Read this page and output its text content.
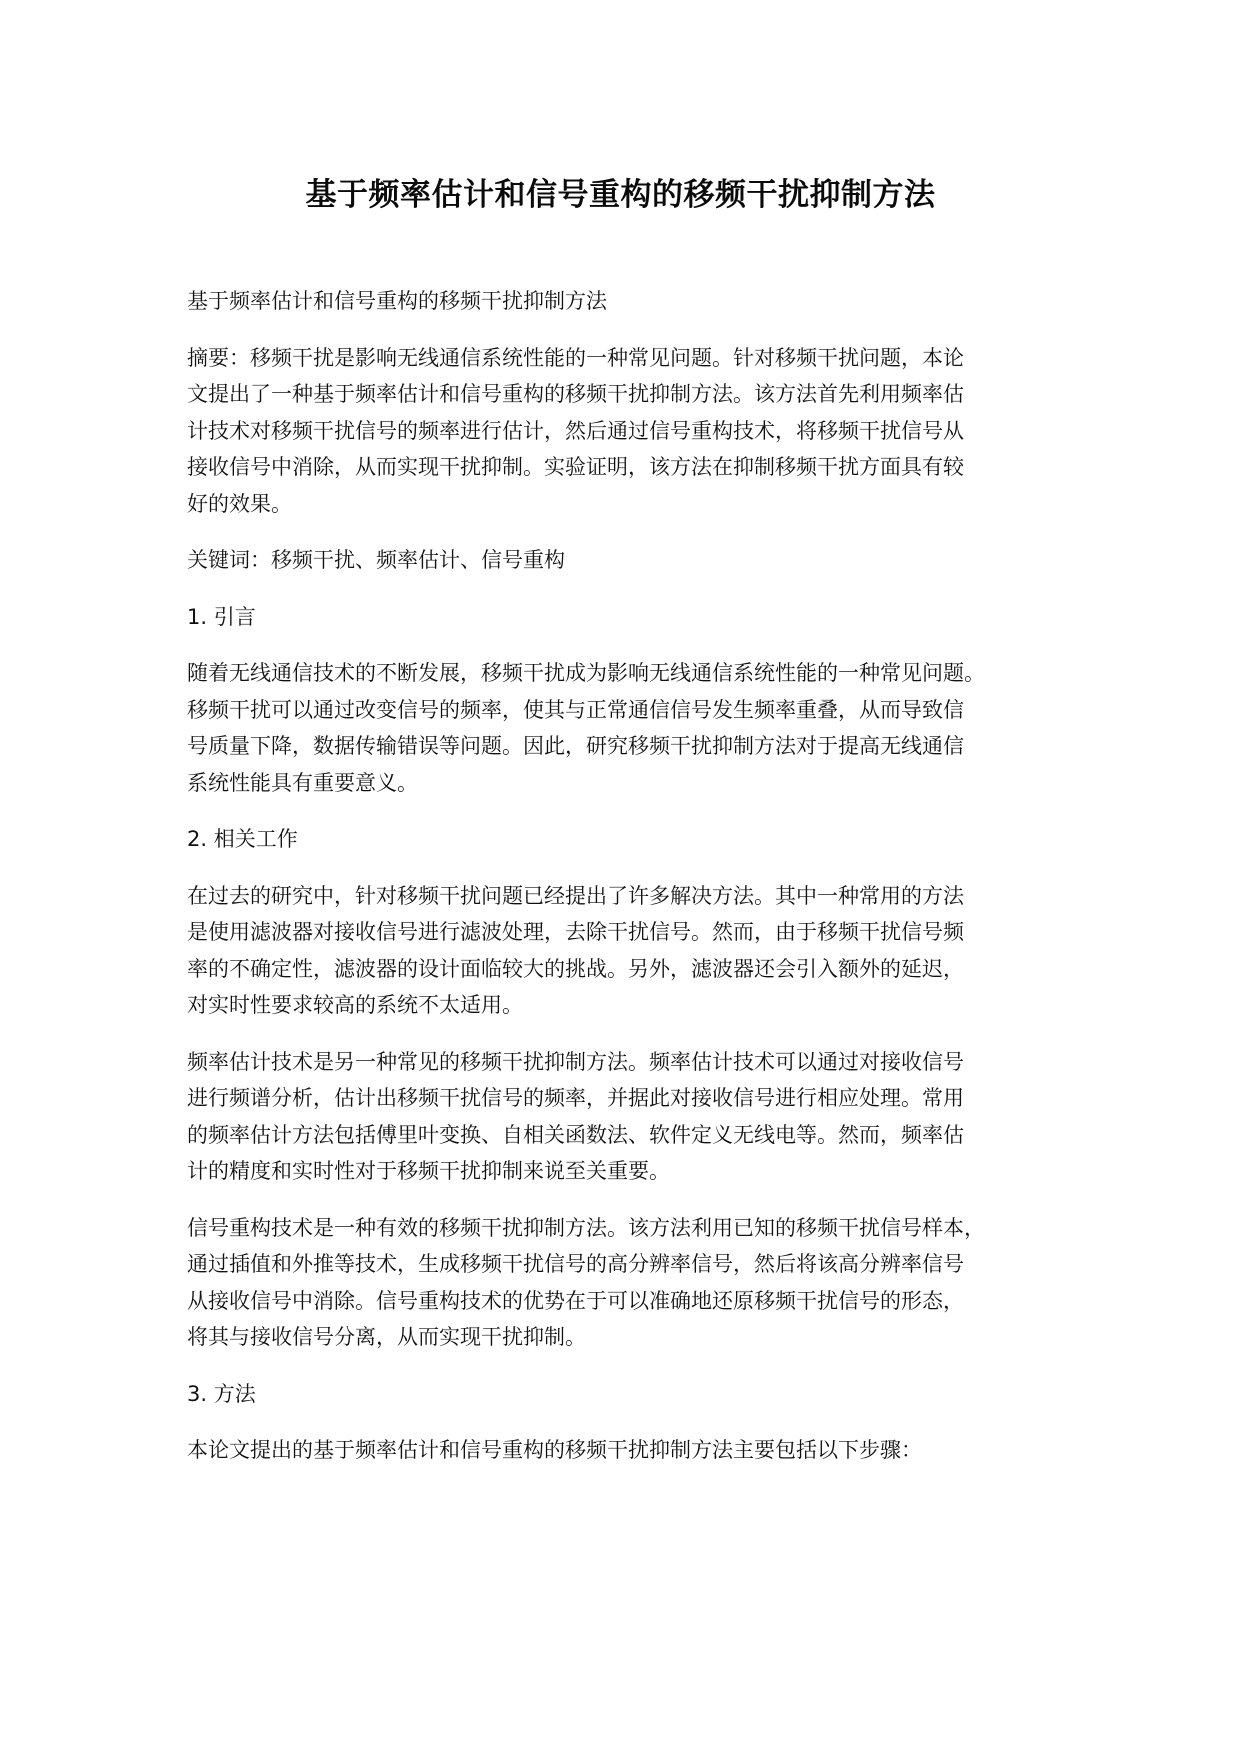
基于频率估计和信号重构的移频干扰抑制方法

基于频率估计和信号重构的移频干扰抑制方法

摘要：移频干扰是影响无线通信系统性能的一种常见问题。针对移频干扰问题，本论
文提出了一种基于频率估计和信号重构的移频干扰抑制方法。该方法首先利用频率估
计技术对移频干扰信号的频率进行估计，然后通过信号重构技术，将移频干扰信号从
接收信号中消除，从而实现干扰抑制。实验证明，该方法在抑制移频干扰方面具有较
好的效果。

关键词：移频干扰、频率估计、信号重构

1. 引言

随着无线通信技术的不断发展，移频干扰成为影响无线通信系统性能的一种常见问题。
移频干扰可以通过改变信号的频率，使其与正常通信信号发生频率重叠，从而导致信
号质量下降，数据传输错误等问题。因此，研究移频干扰抑制方法对于提高无线通信
系统性能具有重要意义。

2. 相关工作

在过去的研究中，针对移频干扰问题已经提出了许多解决方法。其中一种常用的方法
是使用滤波器对接收信号进行滤波处理，去除干扰信号。然而，由于移频干扰信号频
率的不确定性，滤波器的设计面临较大的挑战。另外，滤波器还会引入额外的延迟，
对实时性要求较高的系统不太适用。
频率估计技术是另一种常见的移频干扰抑制方法。频率估计技术可以通过对接收信号
进行频谱分析，估计出移频干扰信号的频率，并据此对接收信号进行相应处理。常用
的频率估计方法包括傅里叶变换、自相关函数法、软件定义无线电等。然而，频率估
计的精度和实时性对于移频干扰抑制来说至关重要。
信号重构技术是一种有效的移频干扰抑制方法。该方法利用已知的移频干扰信号样本，
通过插值和外推等技术，生成移频干扰信号的高分辨率信号，然后将该高分辨率信号
从接收信号中消除。信号重构技术的优势在于可以准确地还原移频干扰信号的形态，
将其与接收信号分离，从而实现干扰抑制。

3. 方法

本论文提出的基于频率估计和信号重构的移频干扰抑制方法主要包括以下步骤：
